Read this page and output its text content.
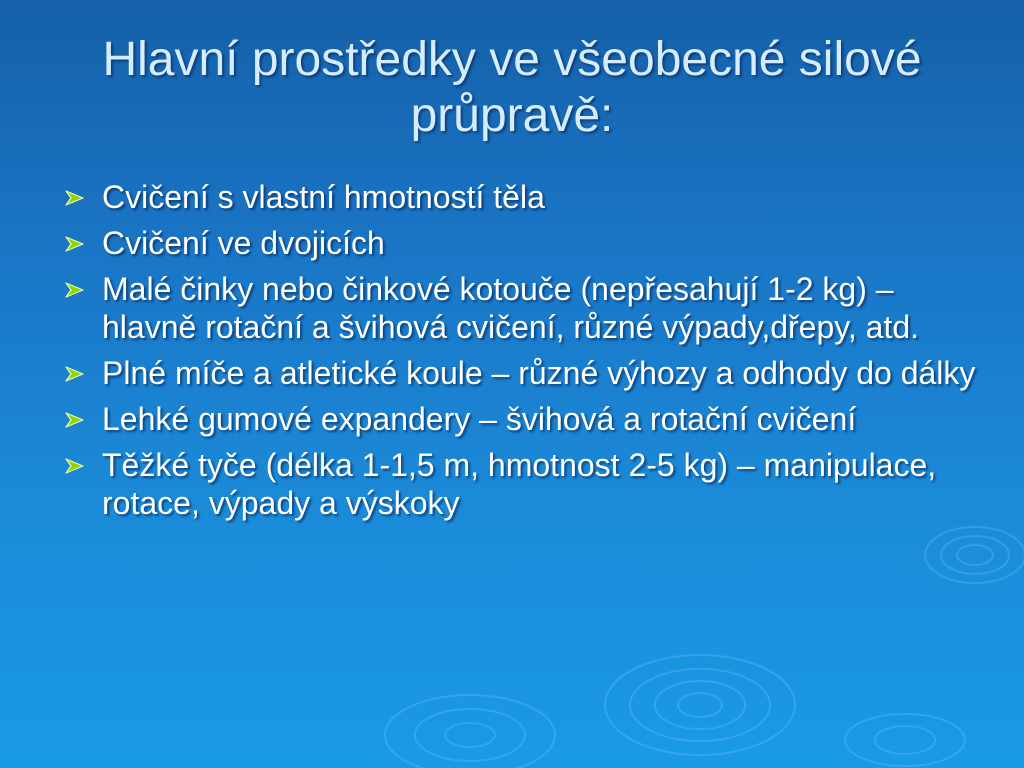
Hlavní prostředky ve všeobecné silové průpravě:
Cvičení s vlastní hmotností těla
Cvičení ve dvojicích
Malé činky nebo činkové kotouče (nepřesahují 1-2 kg) – hlavně rotační a švihová cvičení, různé výpady,dřepy, atd.
Plné míče a atletické koule – různé výhozy a odhody do dálky
Lehké gumové expandery – švihová a rotační cvičení
Těžké tyče (délka 1-1,5 m, hmotnost 2-5 kg) – manipulace, rotace, výpady a výskoky
